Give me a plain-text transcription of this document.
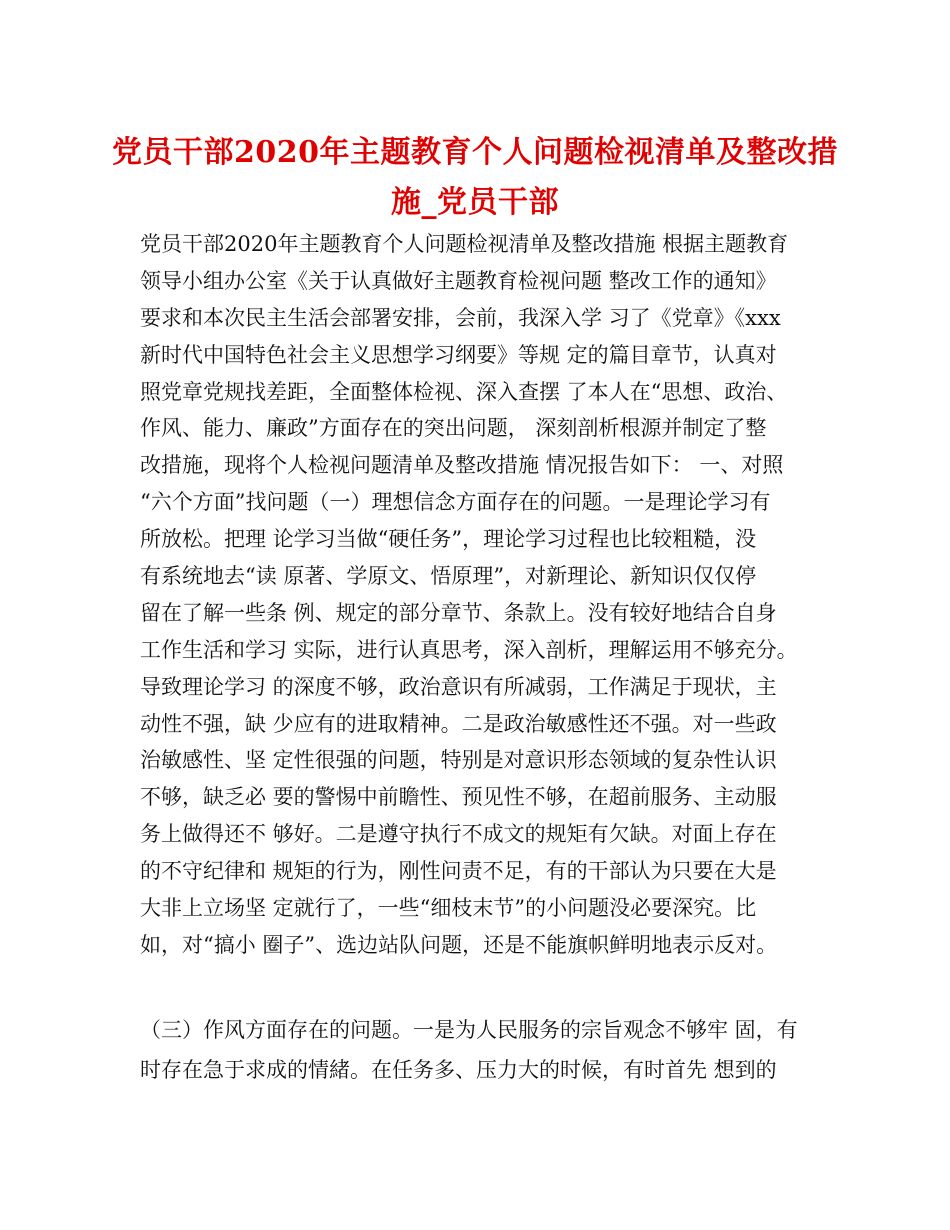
党员干部2020年主题教育个人问题检视清单及整改措
施_党员干部
党员干部2020年主题教育个人问题检视清单及整改措施 根据主题教育
领导小组办公室《关于认真做好主题教育检视问题 整改工作的通知》
要求和本次民主生活会部署安排，会前，我深入学 习了《党章》《xxx
新时代中国特色社会主义思想学习纲要》等规 定的篇目章节，认真对
照党章党规找差距，全面整体检视、深入查摆 了本人在“思想、政治、
作风、能力、廉政”方面存在的突出问题， 深刻剖析根源并制定了整
改措施，现将个人检视问题清单及整改措施 情况报告如下： 一、对照
“六个方面”找问题（一）理想信念方面存在的问题。一是理论学习有
所放松。把理 论学习当做“硬任务”，理论学习过程也比较粗糙，没
有系统地去“读 原著、学原文、悟原理”，对新理论、新知识仅仅停
留在了解一些条 例、规定的部分章节、条款上。没有较好地结合自身
工作生活和学习 实际，进行认真思考，深入剖析，理解运用不够充分。
导致理论学习 的深度不够，政治意识有所减弱，工作满足于现状，主
动性不强，缺 少应有的进取精神。二是政治敏感性还不强。对一些政
治敏感性、坚 定性很强的问题，特别是对意识形态领域的复杂性认识
不够，缺乏必 要的警惕中前瞻性、预见性不够，在超前服务、主动服
务上做得还不 够好。二是遵守执行不成文的规矩有欠缺。对面上存在
的不守纪律和 规矩的行为，刚性问责不足，有的干部认为只要在大是
大非上立场坚 定就行了，一些“细枝末节”的小问题没必要深究。比
如，对“搞小 圈子”、选边站队问题，还是不能旗帜鲜明地表示反对。
（三）作风方面存在的问题。一是为人民服务的宗旨观念不够牢 固，有
时存在急于求成的情緒。在任务多、压力大的时候，有时首先 想到的
